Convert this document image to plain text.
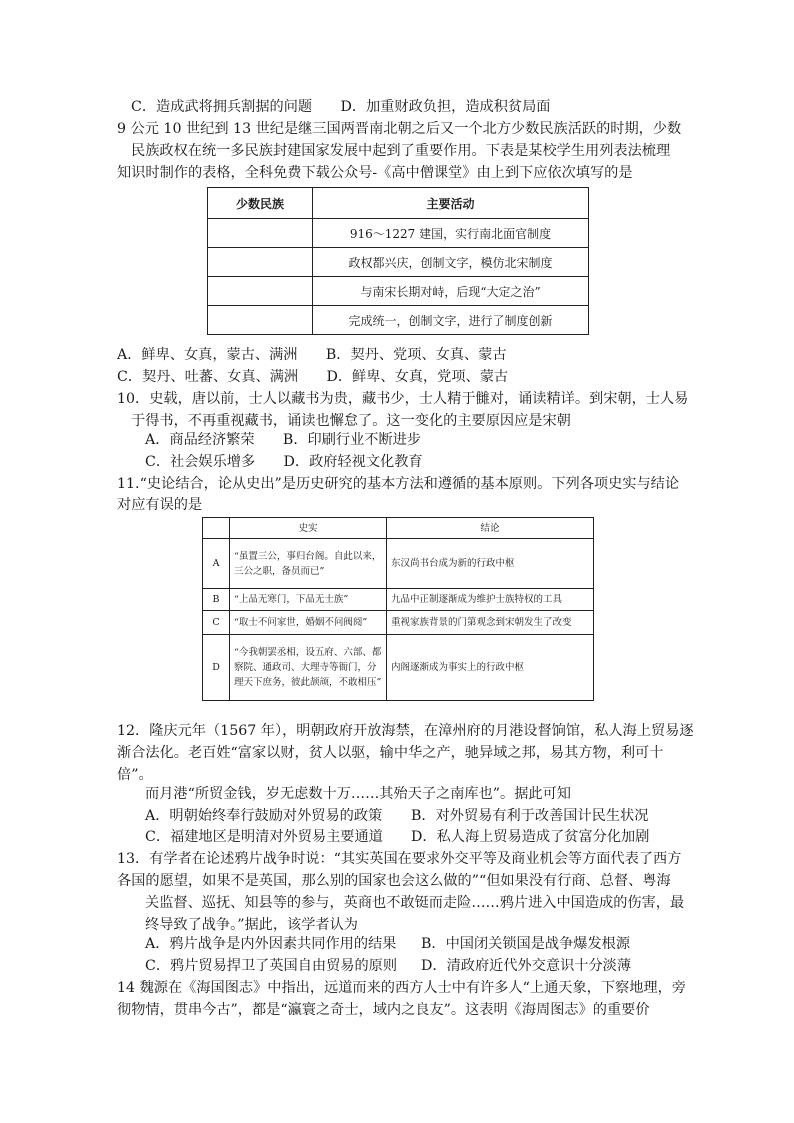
C．造成武将拥兵割据的问题　　D．加重财政负担，造成积贫局面
9 公元 10 世纪到 13 世纪是继三国两晋南北朝之后又一个北方少数民族活跃的时期，少数
民族政权在统一多民族封建国家发展中起到了重要作用。下表是某校学生用列表法梳理
知识时制作的表格，全科免费下载公众号-《高中僧课堂》由上到下应依次填写的是
少数民族	主要活动
	916～1227 建国，实行南北面官制度
	政权都兴庆，创制文字，模仿北宋制度
	与南宋长期对峙，后现“大定之治”
	完成统一，创制文字，进行了制度创新
A．鲜卑、女真，蒙古、满洲　　B．契丹、党项、女真、蒙古
C．契丹、吐蕃、女真、满洲　　D．鲜卑、女真，党项、蒙古
10．史载，唐以前，士人以藏书为贵，藏书少，士人精于雠对，诵读精详。到宋朝，士人易
于得书，不再重视藏书，诵读也懈怠了。这一变化的主要原因应是宋朝
A．商品经济繁荣　　B．印刷行业不断进步
C．社会娱乐增多　　D．政府轻视文化教育
11.“史论结合，论从史出”是历史研究的基本方法和遵循的基本原则。下列各项史实与结论
对应有误的是
	史实	结论
A	“虽置三公，事归台阁。自此以来，
三公之职，备员而已”	东汉尚书台成为新的行政中枢
B	“上品无寒门，下品无士族”	九品中正制逐渐成为维护士族特权的工具
C	“取士不问家世，婚姻不问阀阅”	重视家族背景的门第观念到宋朝发生了改变
D	“今我朝罢丞相，设五府、六部、都
察院、通政司、大理寺等衙门，分
理天下庶务，彼此颉颃，不敢相压”	内阁逐渐成为事实上的行政中枢
12．隆庆元年（1567 年），明朝政府开放海禁，在漳州府的月港设督饷馆，私人海上贸易逐
渐合法化。老百姓“富家以财，贫人以驱，输中华之产，驰异域之邦，易其方物，利可十
倍”。
而月港“所贸金钱，岁无虑数十万……其殆天子之南库也”。据此可知
A．明朝始终奉行鼓励对外贸易的政策 B．对外贸易有利于改善国计民生状况
C．福建地区是明清对外贸易主要通道 D．私人海上贸易造成了贫富分化加剧
13．有学者在论述鸦片战争时说：“其实英国在要求外交平等及商业机会等方面代表了西方
各国的愿望，如果不是英国，那么别的国家也会这么做的”“但如果没有行商、总督、粤海
关监督、巡抚、知县等的参与，英商也不敢铤而走险……鸦片进入中国造成的伤害，最
终导致了战争。”据此，该学者认为
A．鸦片战争是内外因素共同作用的结果 B．中国闭关锁国是战争爆发根源
C．鸦片贸易捍卫了英国自由贸易的原则 D．清政府近代外交意识十分淡薄
14 魏源在《海国图志》中指出，远道而来的西方人士中有许多人“上通天象，下察地理，旁
彻物情，贯串今古”，都是“瀛寰之奇士，域内之良友”。这表明《海周图志》的重要价
